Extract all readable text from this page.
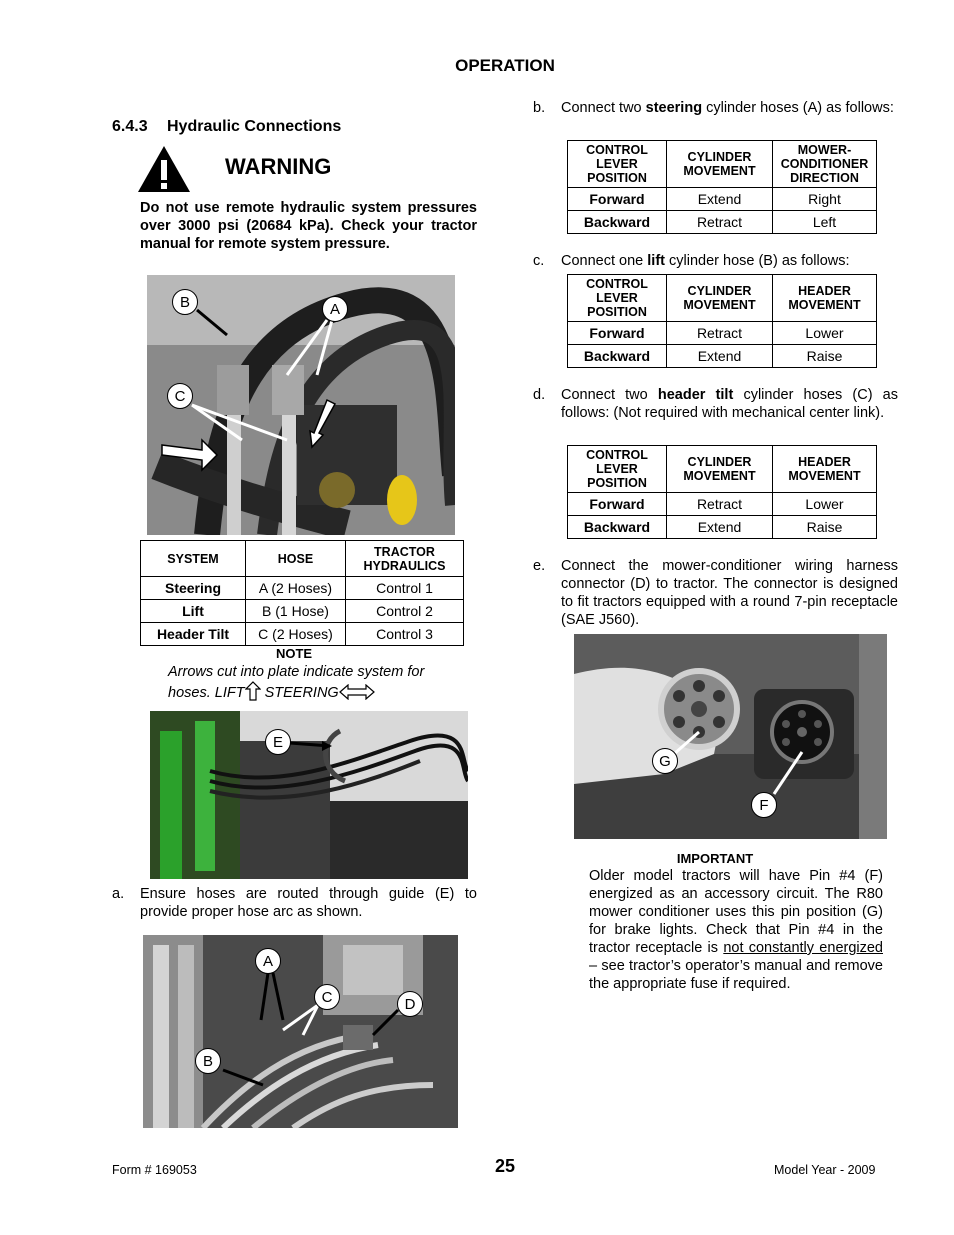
OPERATION
6.4.3 Hydraulic Connections
WARNING
Do not use remote hydraulic system pressures over 3000 psi (20684 kPa). Check your tractor manual for remote system pressure.
B	A
C
SYSTEM	HOSE	TRACTOR HYDRAULICS
Steering	A (2 Hoses)	Control 1
Lift	B (1 Hose)	Control 2
Header Tilt	C (2 Hoses)	Control 3
NOTE
Arrows cut into plate indicate system for
hoses. LIFT STEERING
E
a. Ensure hoses are routed through guide (E) to provide proper hose arc as shown.
A
C	D
B
b. Connect two steering cylinder hoses (A) as follows:
CONTROL LEVER POSITION	CYLINDER MOVEMENT	MOWER-CONDITIONER DIRECTION
Forward	Extend	Right
Backward	Retract	Left
c. Connect one lift cylinder hose (B) as follows:
CONTROL LEVER POSITION	CYLINDER MOVEMENT	HEADER MOVEMENT
Forward	Retract	Lower
Backward	Extend	Raise
d. Connect two header tilt cylinder hoses (C) as follows: (Not required with mechanical center link).
CONTROL LEVER POSITION	CYLINDER MOVEMENT	HEADER MOVEMENT
Forward	Retract	Lower
Backward	Extend	Raise
e. Connect the mower-conditioner wiring harness connector (D) to tractor. The connector is designed to fit tractors equipped with a round 7-pin receptacle (SAE J560).
G
F
IMPORTANT
Older model tractors will have Pin #4 (F) energized as an accessory circuit. The R80 mower conditioner uses this pin position (G) for brake lights. Check that Pin #4 in the tractor receptacle is not constantly energized – see tractor’s operator’s manual and remove the appropriate fuse if required.
Form # 169053	25	Model Year - 2009
